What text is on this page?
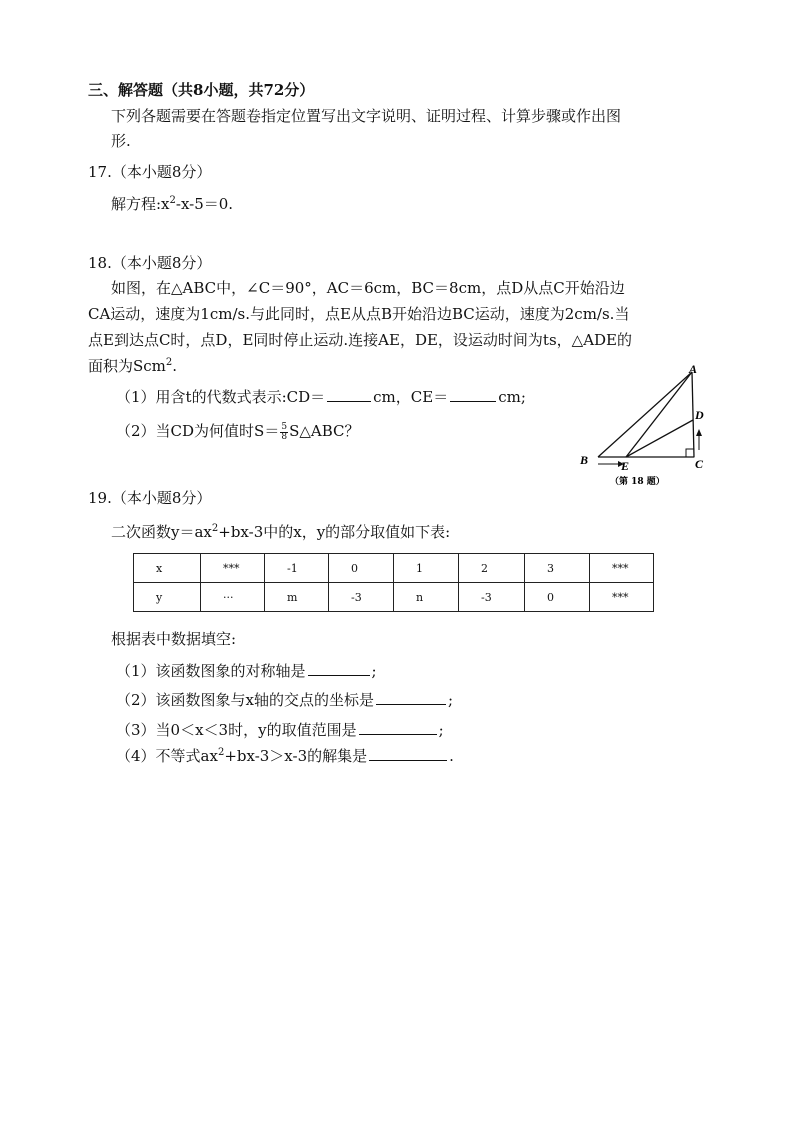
三、解答题（共8小题，共72分）
下列各题需要在答题卷指定位置写出文字说明、证明过程、计算步骤或作出图
形.
17.（本小题8分）
解方程$:x^2-x-5=0$.
18.（本小题8分）
如图，在△ABC中，∠C＝90°，AC＝6cm，BC＝8cm，点D从点C开始沿边
CA运动，速度为1cm/s.与此同时，点E从点B开始沿边BC运动，速度为2cm/s.当
点E到达点C时，点D，E同时停止运动.连接AE，DE，设运动时间为ts，△ADE的
面积为Scm$^2$.
（1）用含t的代数式表示:CD＝	cm，CE＝	cm;
（2）当CD为何值时$S= \frac{5}{8}$ S△ABC？
A
B	C
D
E
（第 18 题）
19.（本小题8分）
二次函数$y=ax^2+bx-3$中的x，y的部分取值如下表:
x	***	-1	0	1	2	3	***
y	···	m	-3	n	-3	0	***
根据表中数据填空:
（1）该函数图象的对称轴是	;
（2）该函数图象与x轴的交点的坐标是	;
（3）当0＜x＜3时，y的取值范围是	;
（4）不等式$ax^2+bx-3>x-3$的解集是	.
